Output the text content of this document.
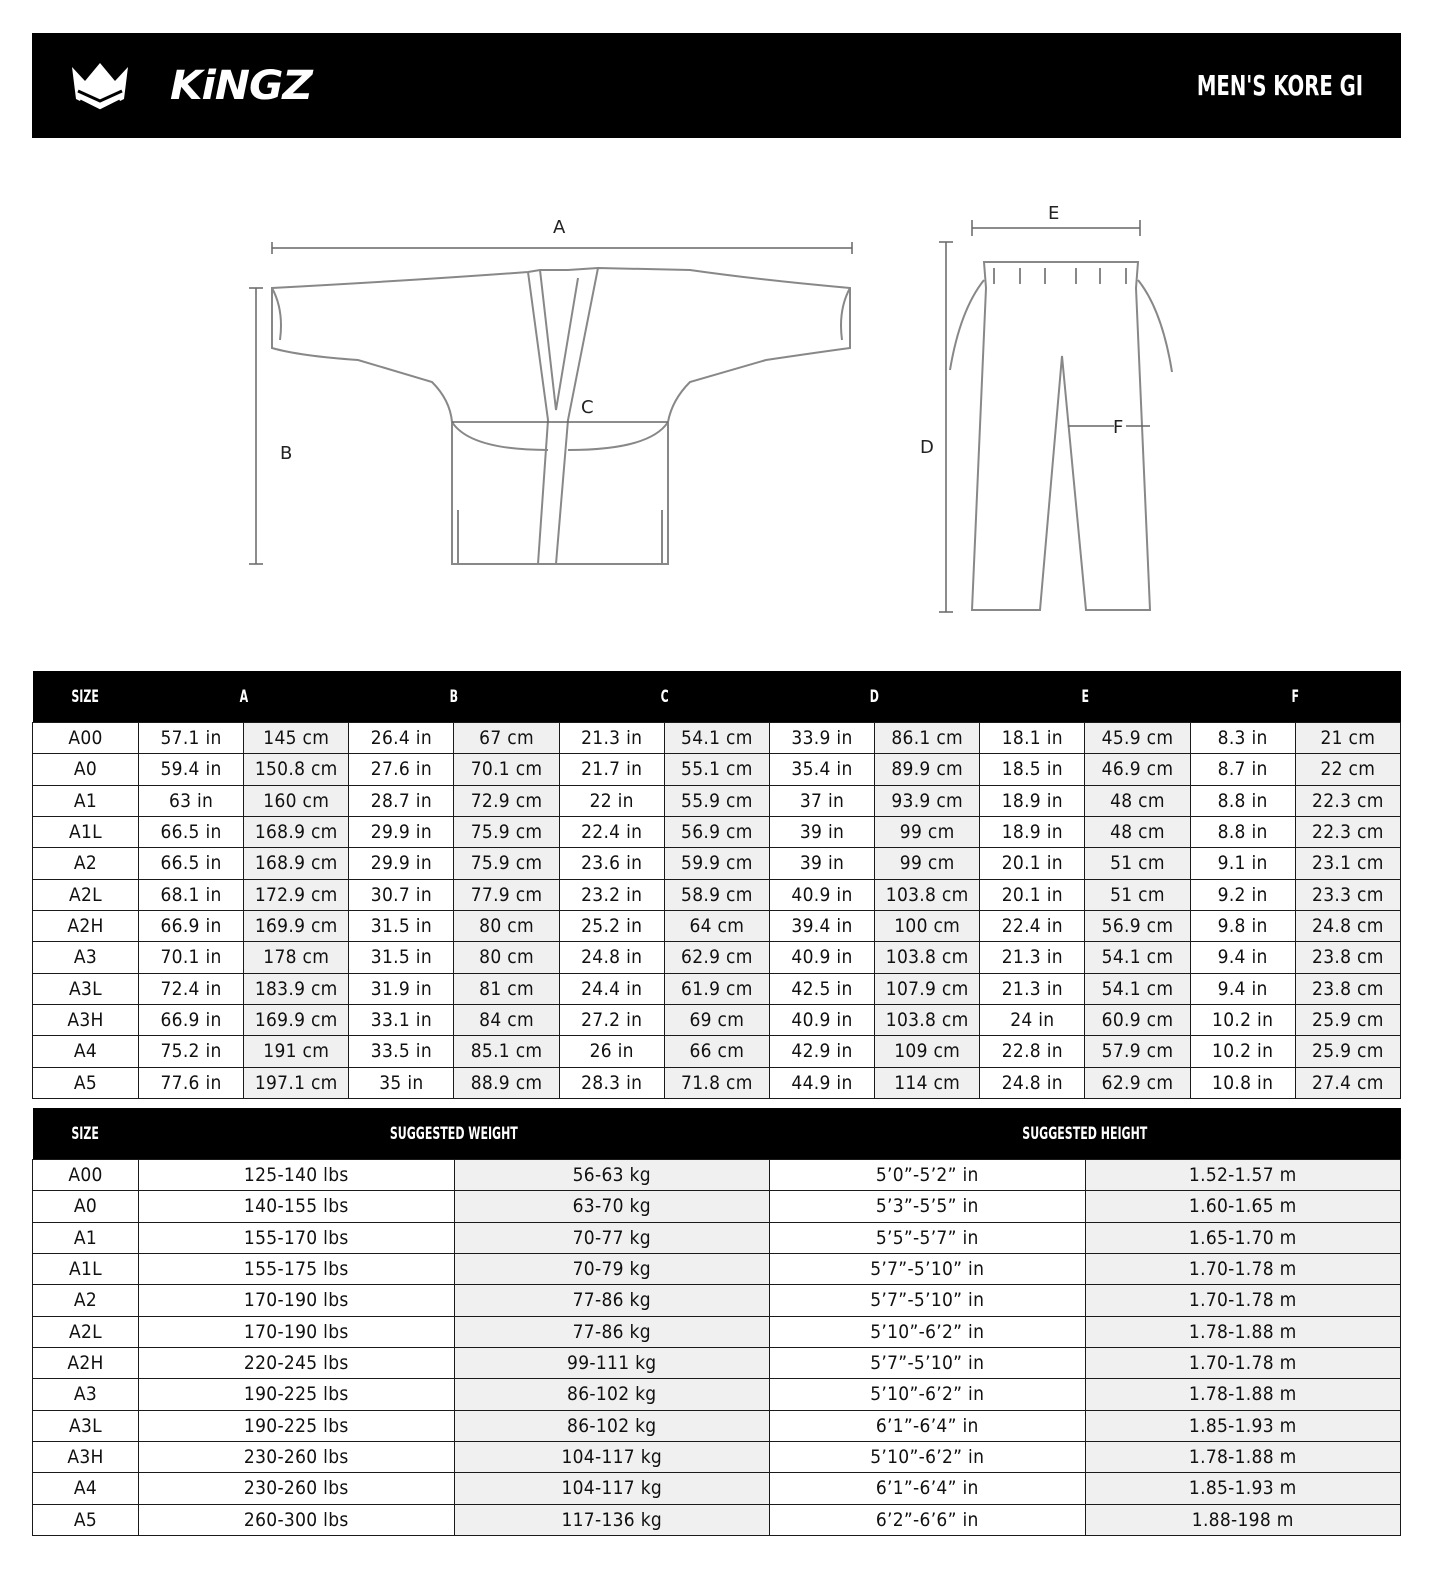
KiNGZ	MEN'S KORE GI
A
B
C
E
D
F
SIZE	A		B		C		D		E		F	
A00	57.1 in	145 cm	26.4 in	67 cm	21.3 in	54.1 cm	33.9 in	86.1 cm	18.1 in	45.9 cm	8.3 in	21 cm
A0	59.4 in	150.8 cm	27.6 in	70.1 cm	21.7 in	55.1 cm	35.4 in	89.9 cm	18.5 in	46.9 cm	8.7 in	22 cm
A1	63 in	160 cm	28.7 in	72.9 cm	22 in	55.9 cm	37 in	93.9 cm	18.9 in	48 cm	8.8 in	22.3 cm
A1L	66.5 in	168.9 cm	29.9 in	75.9 cm	22.4 in	56.9 cm	39 in	99 cm	18.9 in	48 cm	8.8 in	22.3 cm
A2	66.5 in	168.9 cm	29.9 in	75.9 cm	23.6 in	59.9 cm	39 in	99 cm	20.1 in	51 cm	9.1 in	23.1 cm
A2L	68.1 in	172.9 cm	30.7 in	77.9 cm	23.2 in	58.9 cm	40.9 in	103.8 cm	20.1 in	51 cm	9.2 in	23.3 cm
A2H	66.9 in	169.9 cm	31.5 in	80 cm	25.2 in	64 cm	39.4 in	100 cm	22.4 in	56.9 cm	9.8 in	24.8 cm
A3	70.1 in	178 cm	31.5 in	80 cm	24.8 in	62.9 cm	40.9 in	103.8 cm	21.3 in	54.1 cm	9.4 in	23.8 cm
A3L	72.4 in	183.9 cm	31.9 in	81 cm	24.4 in	61.9 cm	42.5 in	107.9 cm	21.3 in	54.1 cm	9.4 in	23.8 cm
A3H	66.9 in	169.9 cm	33.1 in	84 cm	27.2 in	69 cm	40.9 in	103.8 cm	24 in	60.9 cm	10.2 in	25.9 cm
A4	75.2 in	191 cm	33.5 in	85.1 cm	26 in	66 cm	42.9 in	109 cm	22.8 in	57.9 cm	10.2 in	25.9 cm
A5	77.6 in	197.1 cm	35 in	88.9 cm	28.3 in	71.8 cm	44.9 in	114 cm	24.8 in	62.9 cm	10.8 in	27.4 cm
SIZE	SUGGESTED WEIGHT		SUGGESTED HEIGHT	
A00	125-140 lbs	56-63 kg	5’0”-5’2” in	1.52-1.57 m
A0	140-155 lbs	63-70 kg	5’3”-5’5” in	1.60-1.65 m
A1	155-170 lbs	70-77 kg	5’5”-5’7” in	1.65-1.70 m
A1L	155-175 lbs	70-79 kg	5’7”-5’10” in	1.70-1.78 m
A2	170-190 lbs	77-86 kg	5’7”-5’10” in	1.70-1.78 m
A2L	170-190 lbs	77-86 kg	5’10”-6’2” in	1.78-1.88 m
A2H	220-245 lbs	99-111 kg	5’7”-5’10” in	1.70-1.78 m
A3	190-225 lbs	86-102 kg	5’10”-6’2” in	1.78-1.88 m
A3L	190-225 lbs	86-102 kg	6’1”-6’4” in	1.85-1.93 m
A3H	230-260 lbs	104-117 kg	5’10”-6’2” in	1.78-1.88 m
A4	230-260 lbs	104-117 kg	6’1”-6’4” in	1.85-1.93 m
A5	260-300 lbs	117-136 kg	6’2”-6’6” in	1.88-198 m
